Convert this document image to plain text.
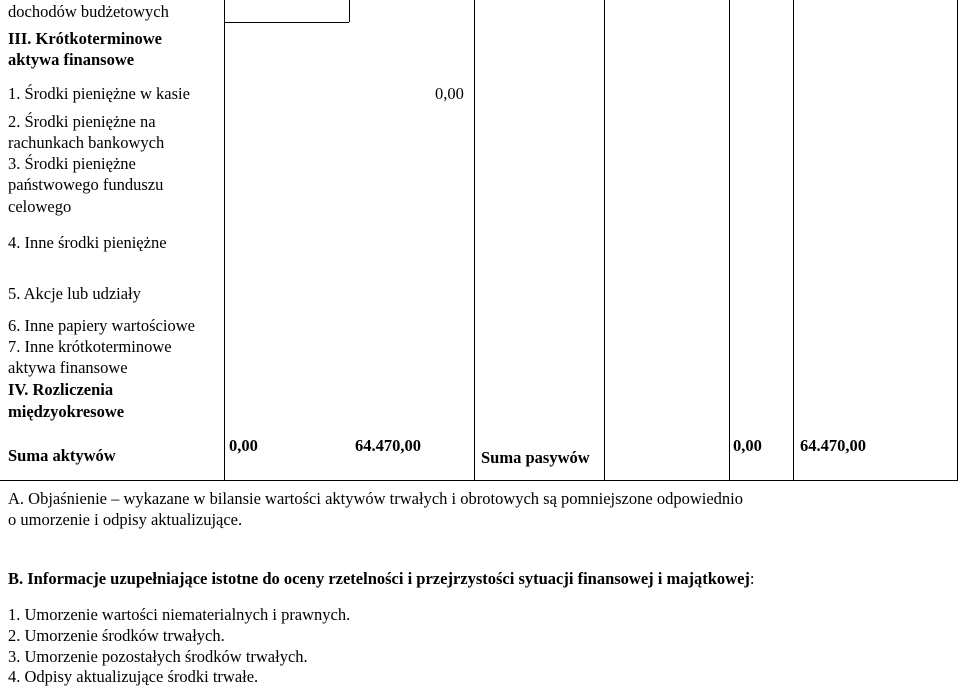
dochodów budżetowych
III. Krótkoterminowe
aktywa finansowe
1. Środki pieniężne w kasie	0,00
2. Środki pieniężne na
rachunkach bankowych
3. Środki pieniężne
państwowego funduszu
celowego
4. Inne środki pieniężne
5. Akcje lub udziały
6. Inne papiery wartościowe
7. Inne krótkoterminowe
aktywa finansowe
IV. Rozliczenia
międzyokresowe
Suma aktywów
0,00	64.470,00
Suma pasywów
0,00 64.470,00
A. Objaśnienie – wykazane w bilansie wartości aktywów trwałych i obrotowych są pomniejszone odpowiednio
o umorzenie i odpisy aktualizujące.
B. Informacje uzupełniające istotne do oceny rzetelności i przejrzystości sytuacji finansowej i majątkowej:
1. Umorzenie wartości niematerialnych i prawnych.
2. Umorzenie środków trwałych.
3. Umorzenie pozostałych środków trwałych.
4. Odpisy aktualizujące środki trwałe.
